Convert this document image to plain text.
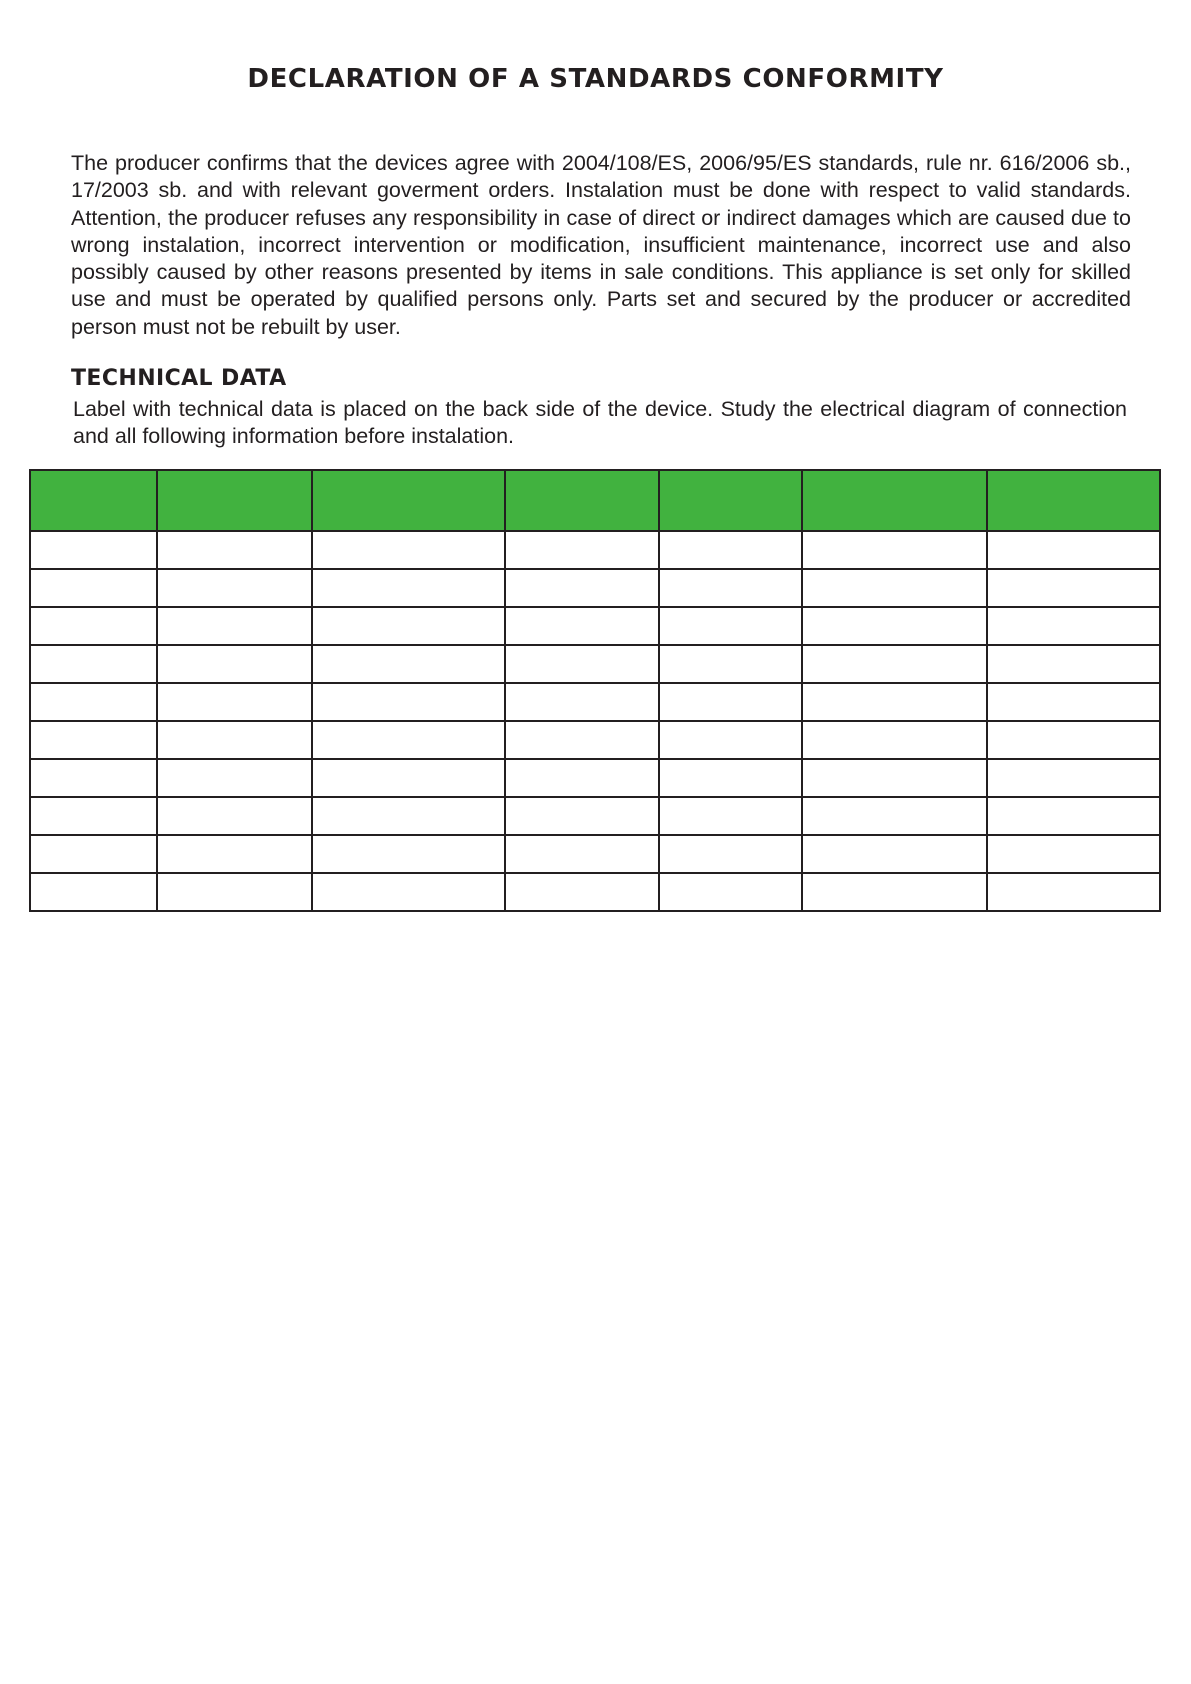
DECLARATION OF A STANDARDS CONFORMITY

The producer confirms that the devices agree with 2004/108/ES, 2006/95/ES standards, rule nr. 616/2006 sb., 17/2003 sb. and with relevant goverment orders. Instalation must be done with respect to valid standards. Attention, the producer refuses any responsibility in case of direct or indirect damages which are caused due to wrong instalation, incorrect intervention or modification, insufficient maintenance, incorrect use and also possibly caused by other reasons presented by items in sale conditions. This appliance is set only for skilled use and must be operated by qualified persons only. Parts set and secured by the producer or accredited person must not be rebuilt by user.

TECHNICAL DATA

Label with technical data is placed on the back side of the device. Study the electrical diagram of connection and all following information before instalation.
